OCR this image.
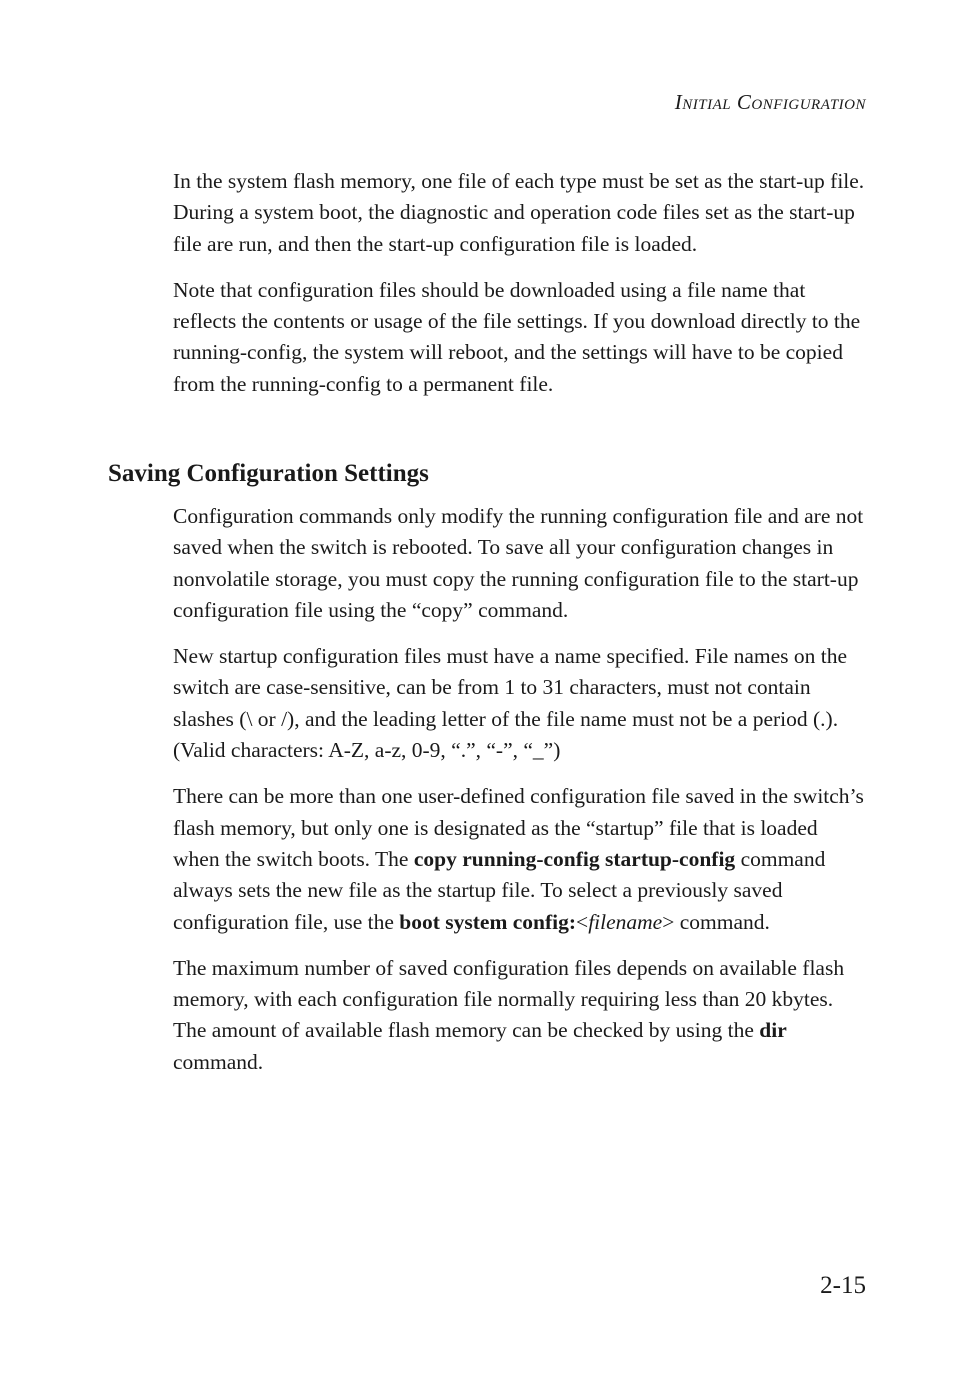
INITIAL CONFIGURATION

In the system flash memory, one file of each type must be set as the start-up file. During a system boot, the diagnostic and operation code files set as the start-up file are run, and then the start-up configuration file is loaded.

Note that configuration files should be downloaded using a file name that reflects the contents or usage of the file settings. If you download directly to the running-config, the system will reboot, and the settings will have to be copied from the running-config to a permanent file.

Saving Configuration Settings

Configuration commands only modify the running configuration file and are not saved when the switch is rebooted. To save all your configuration changes in nonvolatile storage, you must copy the running configuration file to the start-up configuration file using the “copy” command.

New startup configuration files must have a name specified. File names on the switch are case-sensitive, can be from 1 to 31 characters, must not contain slashes (\ or /), and the leading letter of the file name must not be a period (.). (Valid characters: A-Z, a-z, 0-9, “.”, “-”, “_”)

There can be more than one user-defined configuration file saved in the switch’s flash memory, but only one is designated as the “startup” file that is loaded when the switch boots. The copy running-config startup-config command always sets the new file as the startup file. To select a previously saved configuration file, use the boot system config:<filename> command.

The maximum number of saved configuration files depends on available flash memory, with each configuration file normally requiring less than 20 kbytes. The amount of available flash memory can be checked by using the dir command.

2-15
